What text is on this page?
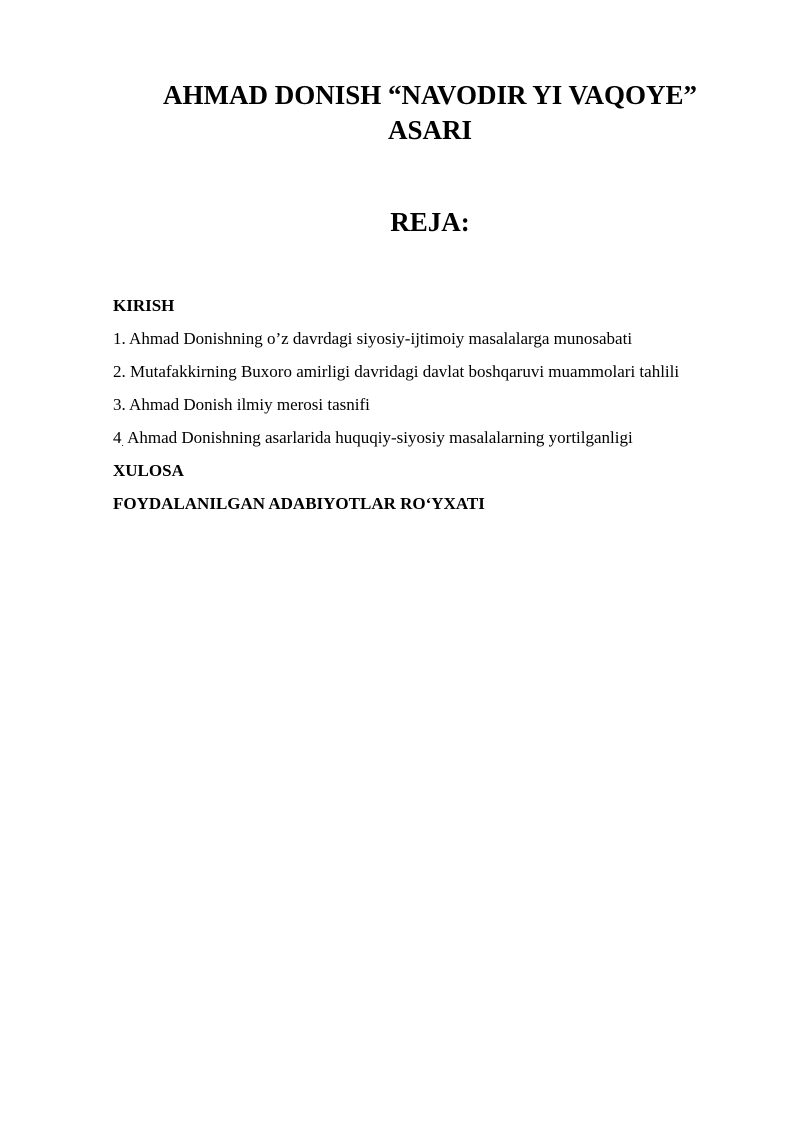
AHMAD DONISH “NAVODIR YI VAQOYE”
ASARI
REJA:
KIRISH
1. Ahmad Donishning o’z davrdagi siyosiy-ijtimoiy masalalarga munosabati
2. Mutafakkirning Buxoro amirligi davridagi davlat boshqaruvi muammolari tahlili
3. Ahmad Donish ilmiy merosi tasnifi
4. Ahmad Donishning asarlarida huquqiy-siyosiy masalalarning yortilganligi
XULOSA
FOYDALANILGAN ADABIYOTLAR RO‘YXATI
